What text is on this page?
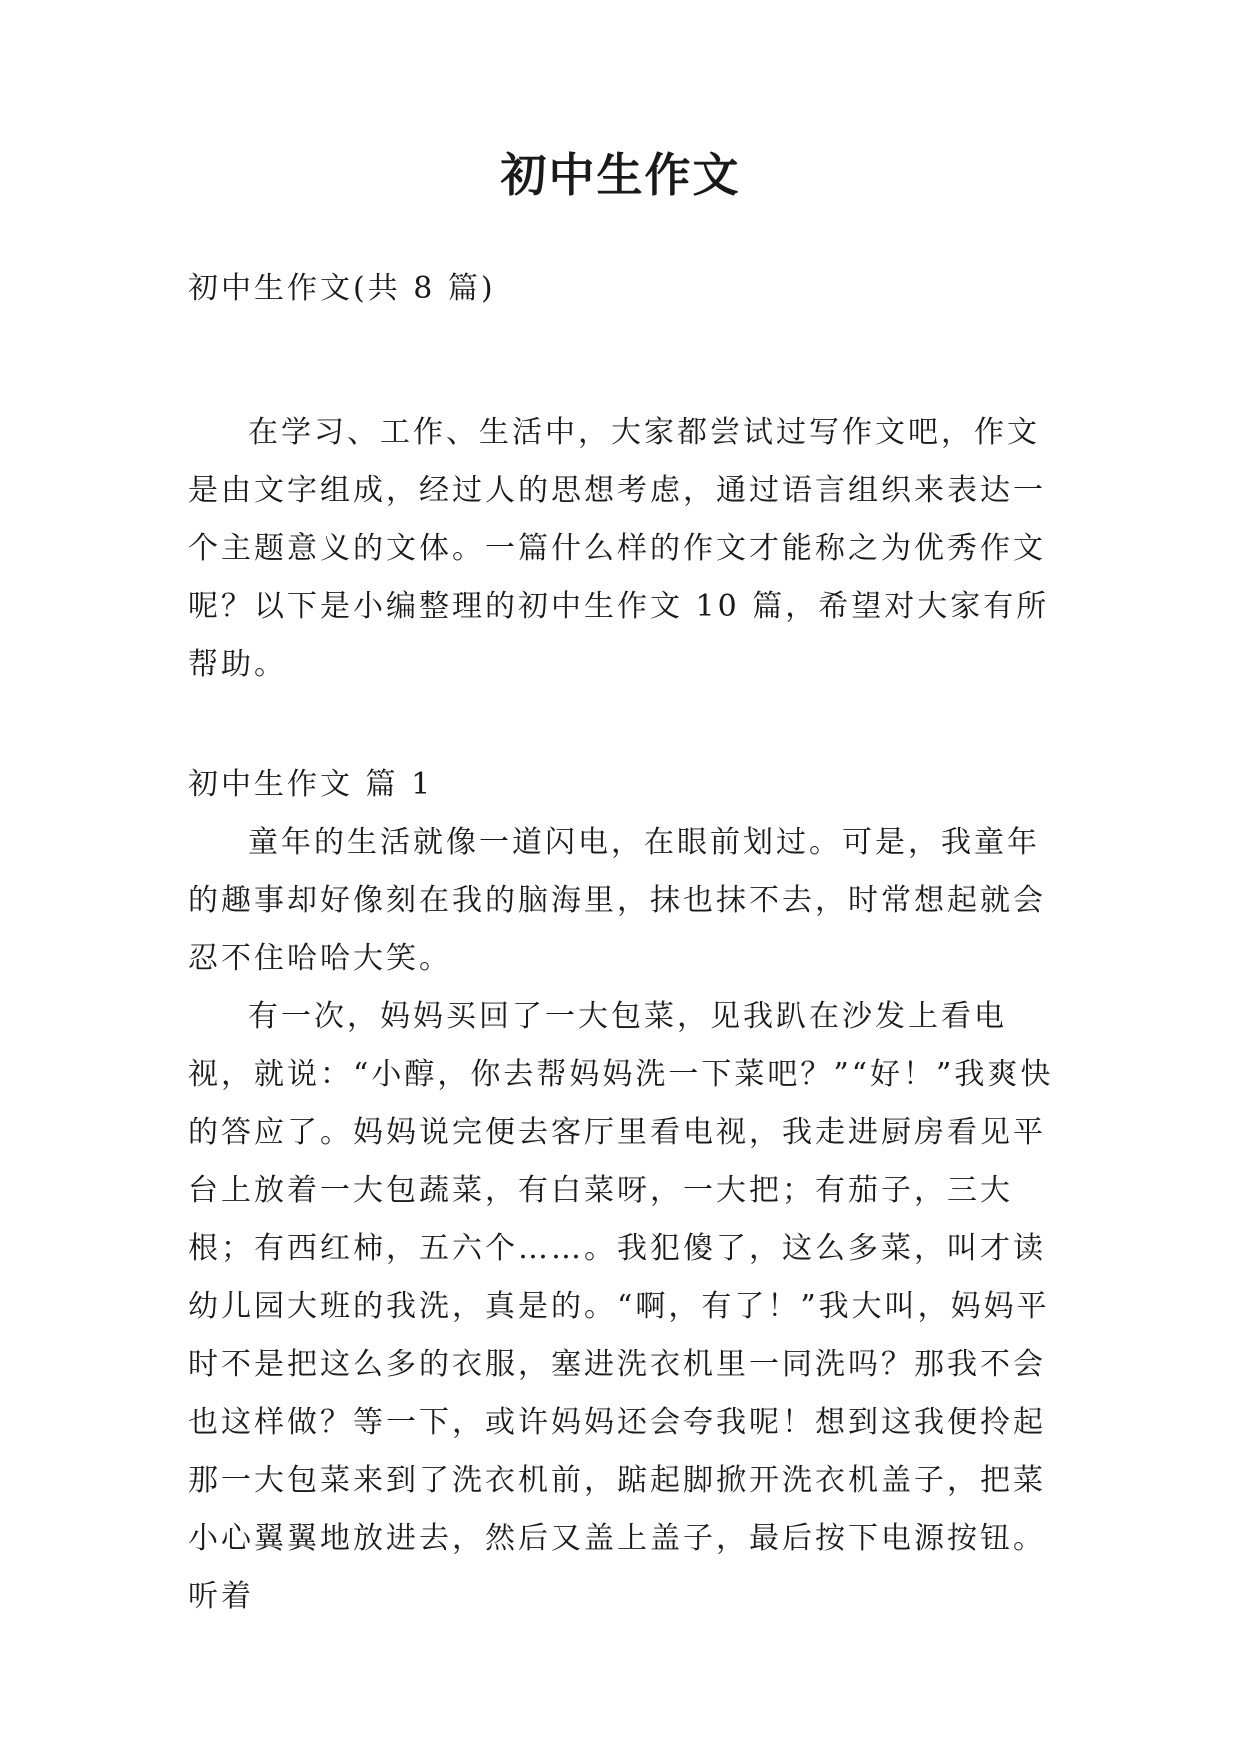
初中生作文

初中生作文(共 8 篇)

在学习、工作、生活中，大家都尝试过写作文吧，作文是由文字组成，经过人的思想考虑，通过语言组织来表达一个主题意义的文体。一篇什么样的作文才能称之为优秀作文呢？以下是小编整理的初中生作文 10 篇，希望对大家有所帮助。

初中生作文 篇 1

童年的生活就像一道闪电，在眼前划过。可是，我童年的趣事却好像刻在我的脑海里，抹也抹不去，时常想起就会忍不住哈哈大笑。

有一次，妈妈买回了一大包菜，见我趴在沙发上看电视，就说：“小醇，你去帮妈妈洗一下菜吧？”“好！”我爽快的答应了。妈妈说完便去客厅里看电视，我走进厨房看见平台上放着一大包蔬菜，有白菜呀，一大把；有茄子，三大根；有西红柿，五六个……。我犯傻了，这么多菜，叫才读幼儿园大班的我洗，真是的。“啊，有了！”我大叫，妈妈平时不是把这么多的衣服，塞进洗衣机里一同洗吗？那我不会也这样做？等一下，或许妈妈还会夸我呢！想到这我便拎起那一大包菜来到了洗衣机前，踮起脚掀开洗衣机盖子，把菜小心翼翼地放进去，然后又盖上盖子，最后按下电源按钮。听着
